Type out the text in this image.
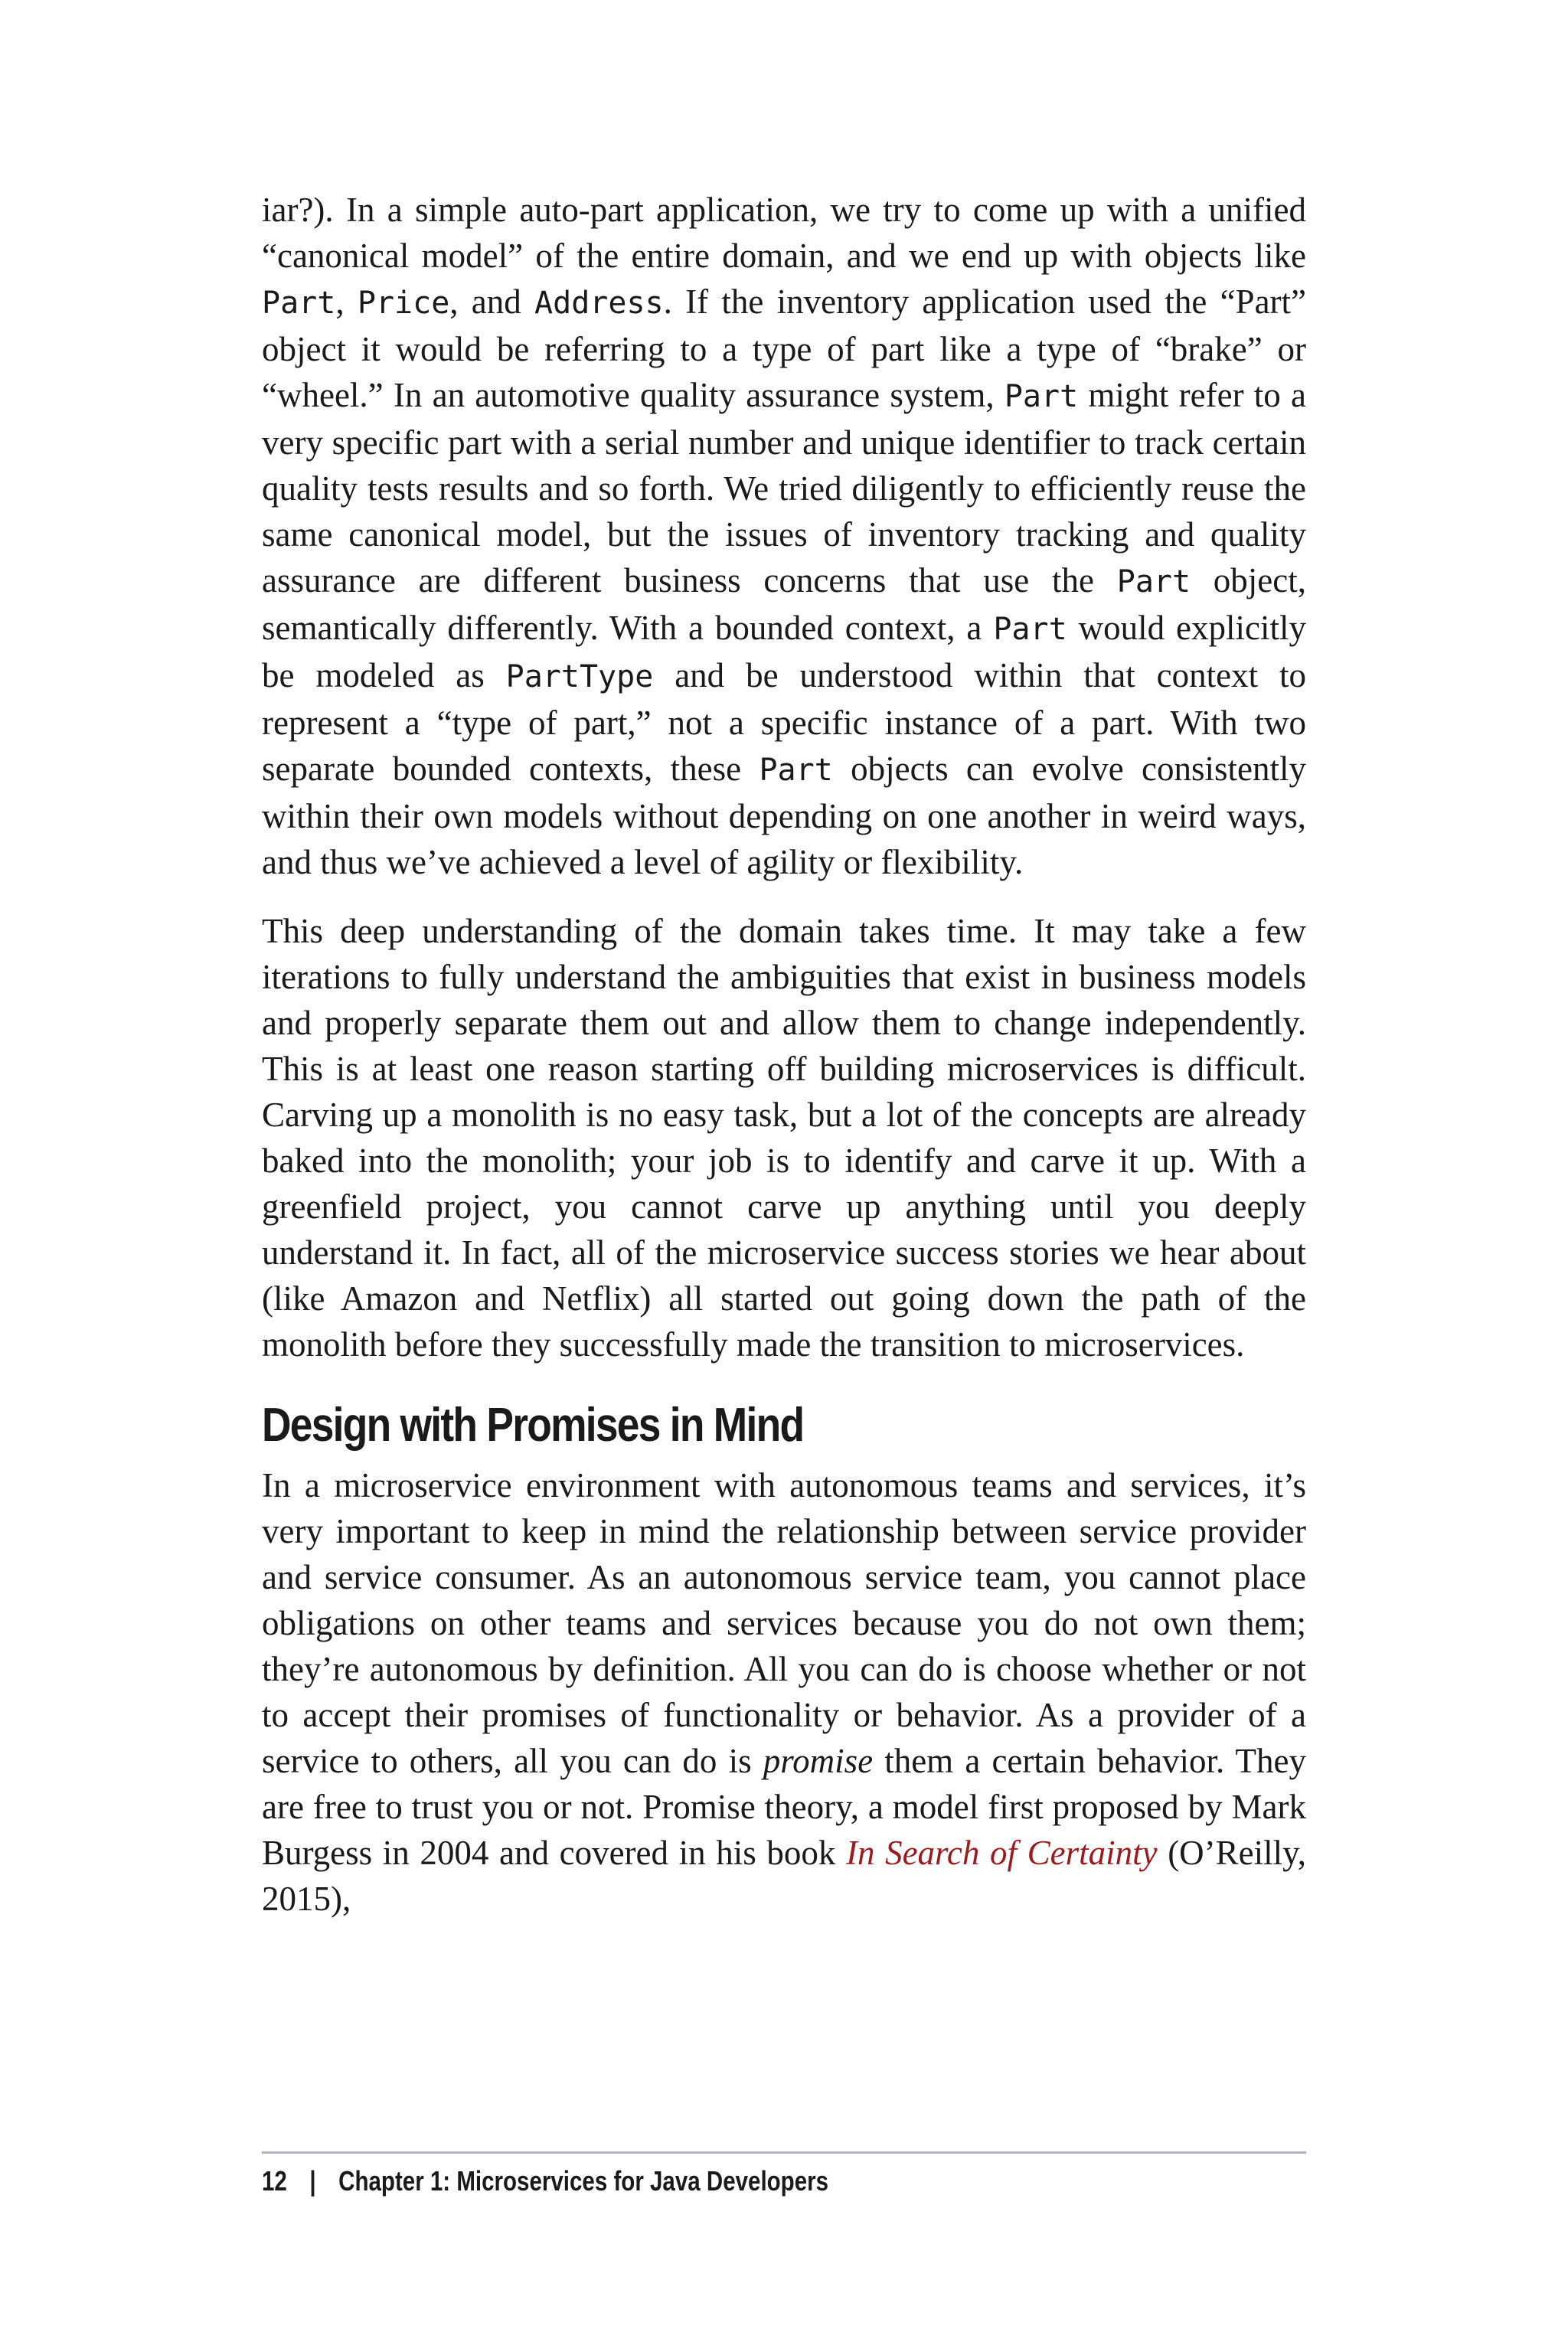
iar?). In a simple auto-part application, we try to come up with a unified “canonical model” of the entire domain, and we end up with objects like Part, Price, and Address. If the inventory application used the “Part” object it would be referring to a type of part like a type of “brake” or “wheel.” In an automotive quality assurance system, Part might refer to a very specific part with a serial number and unique identifier to track certain quality tests results and so forth. We tried diligently to efficiently reuse the same canonical model, but the issues of inventory tracking and quality assurance are different business concerns that use the Part object, semantically differently. With a bounded context, a Part would explicitly be modeled as PartType and be understood within that context to represent a “type of part,” not a specific instance of a part. With two separate bounded contexts, these Part objects can evolve consistently within their own models without depending on one another in weird ways, and thus we’ve achieved a level of agility or flexibility.

This deep understanding of the domain takes time. It may take a few iterations to fully understand the ambiguities that exist in business models and properly separate them out and allow them to change independently. This is at least one reason starting off building microservices is difficult. Carving up a monolith is no easy task, but a lot of the concepts are already baked into the monolith; your job is to identify and carve it up. With a greenfield project, you cannot carve up anything until you deeply understand it. In fact, all of the microservice success stories we hear about (like Amazon and Netflix) all started out going down the path of the monolith before they successfully made the transition to microservices.

Design with Promises in Mind

In a microservice environment with autonomous teams and services, it’s very important to keep in mind the relationship between service provider and service consumer. As an autonomous service team, you cannot place obligations on other teams and services because you do not own them; they’re autonomous by definition. All you can do is choose whether or not to accept their promises of functionality or behavior. As a provider of a service to others, all you can do is promise them a certain behavior. They are free to trust you or not. Promise theory, a model first proposed by Mark Burgess in 2004 and covered in his book In Search of Certainty (O’Reilly, 2015),

12 | Chapter 1: Microservices for Java Developers
